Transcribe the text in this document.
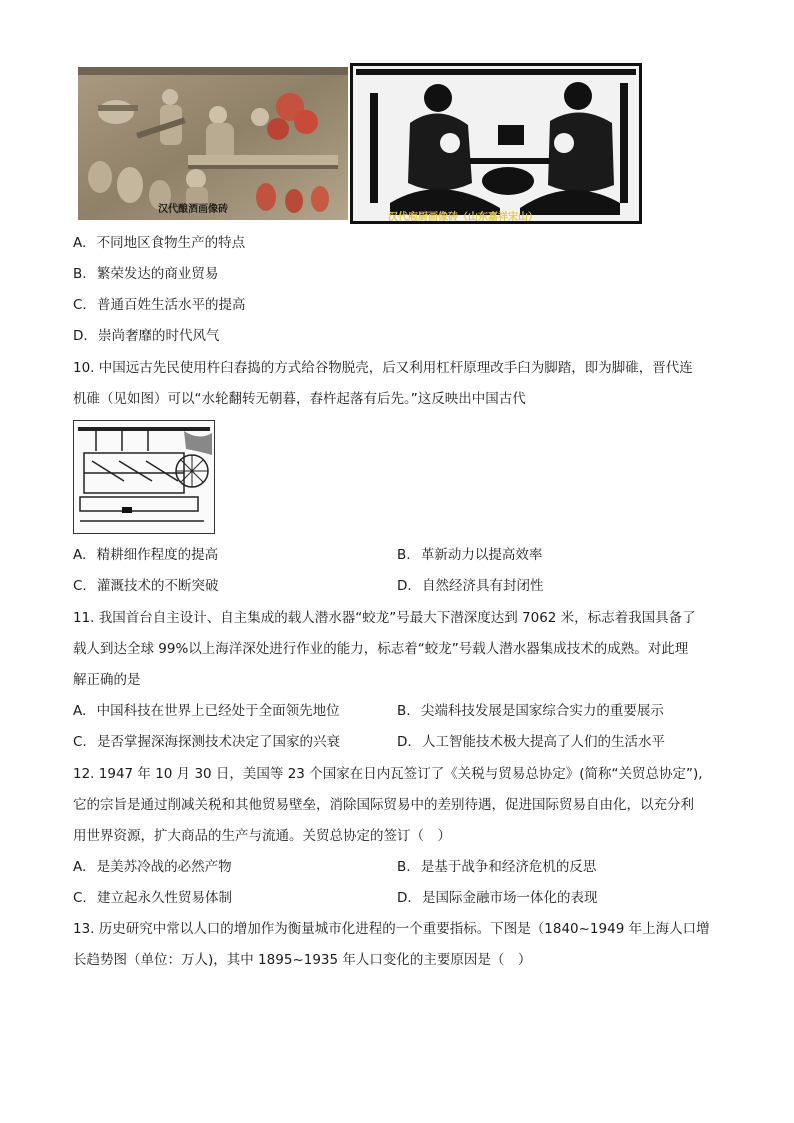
汉代酿酒画像砖
汉代庖厨画像砖（山东嘉祥宋山）
A. 不同地区食物生产的特点
B. 繁荣发达的商业贸易
C. 普通百姓生活水平的提高
D. 崇尚奢靡的时代风气
10. 中国远古先民使用杵臼舂捣的方式给谷物脱壳，后又利用杠杆原理改手臼为脚踏，即为脚碓，晋代连
机碓（见如图）可以“水轮翻转无朝暮，舂杵起落有后先。”这反映出中国古代
A. 精耕细作程度的提高	B. 革新动力以提高效率
C. 灌溉技术的不断突破	D. 自然经济具有封闭性
11. 我国首台自主设计、自主集成的载人潜水器“蛟龙”号最大下潜深度达到 7062 米，标志着我国具备了
载人到达全球 99%以上海洋深处进行作业的能力，标志着“蛟龙”号载人潜水器集成技术的成熟。对此理
解正确的是
A. 中国科技在世界上已经处于全面领先地位	B. 尖端科技发展是国家综合实力的重要展示
C. 是否掌握深海探测技术决定了国家的兴衰	D. 人工智能技术极大提高了人们的生活水平
12. 1947 年 10 月 30 日，美国等 23 个国家在日内瓦签订了《关税与贸易总协定》(简称“关贸总协定”),
它的宗旨是通过削减关税和其他贸易壁垒，消除国际贸易中的差别待遇，促进国际贸易自由化，以充分利
用世界资源，扩大商品的生产与流通。关贸总协定的签订（　）
A. 是美苏冷战的必然产物	B. 是基于战争和经济危机的反思
C. 建立起永久性贸易体制	D. 是国际金融市场一体化的表现
13. 历史研究中常以人口的增加作为衡量城市化进程的一个重要指标。下图是（1840~1949 年上海人口增
长趋势图（单位：万人)，其中 1895~1935 年人口变化的主要原因是（　）
